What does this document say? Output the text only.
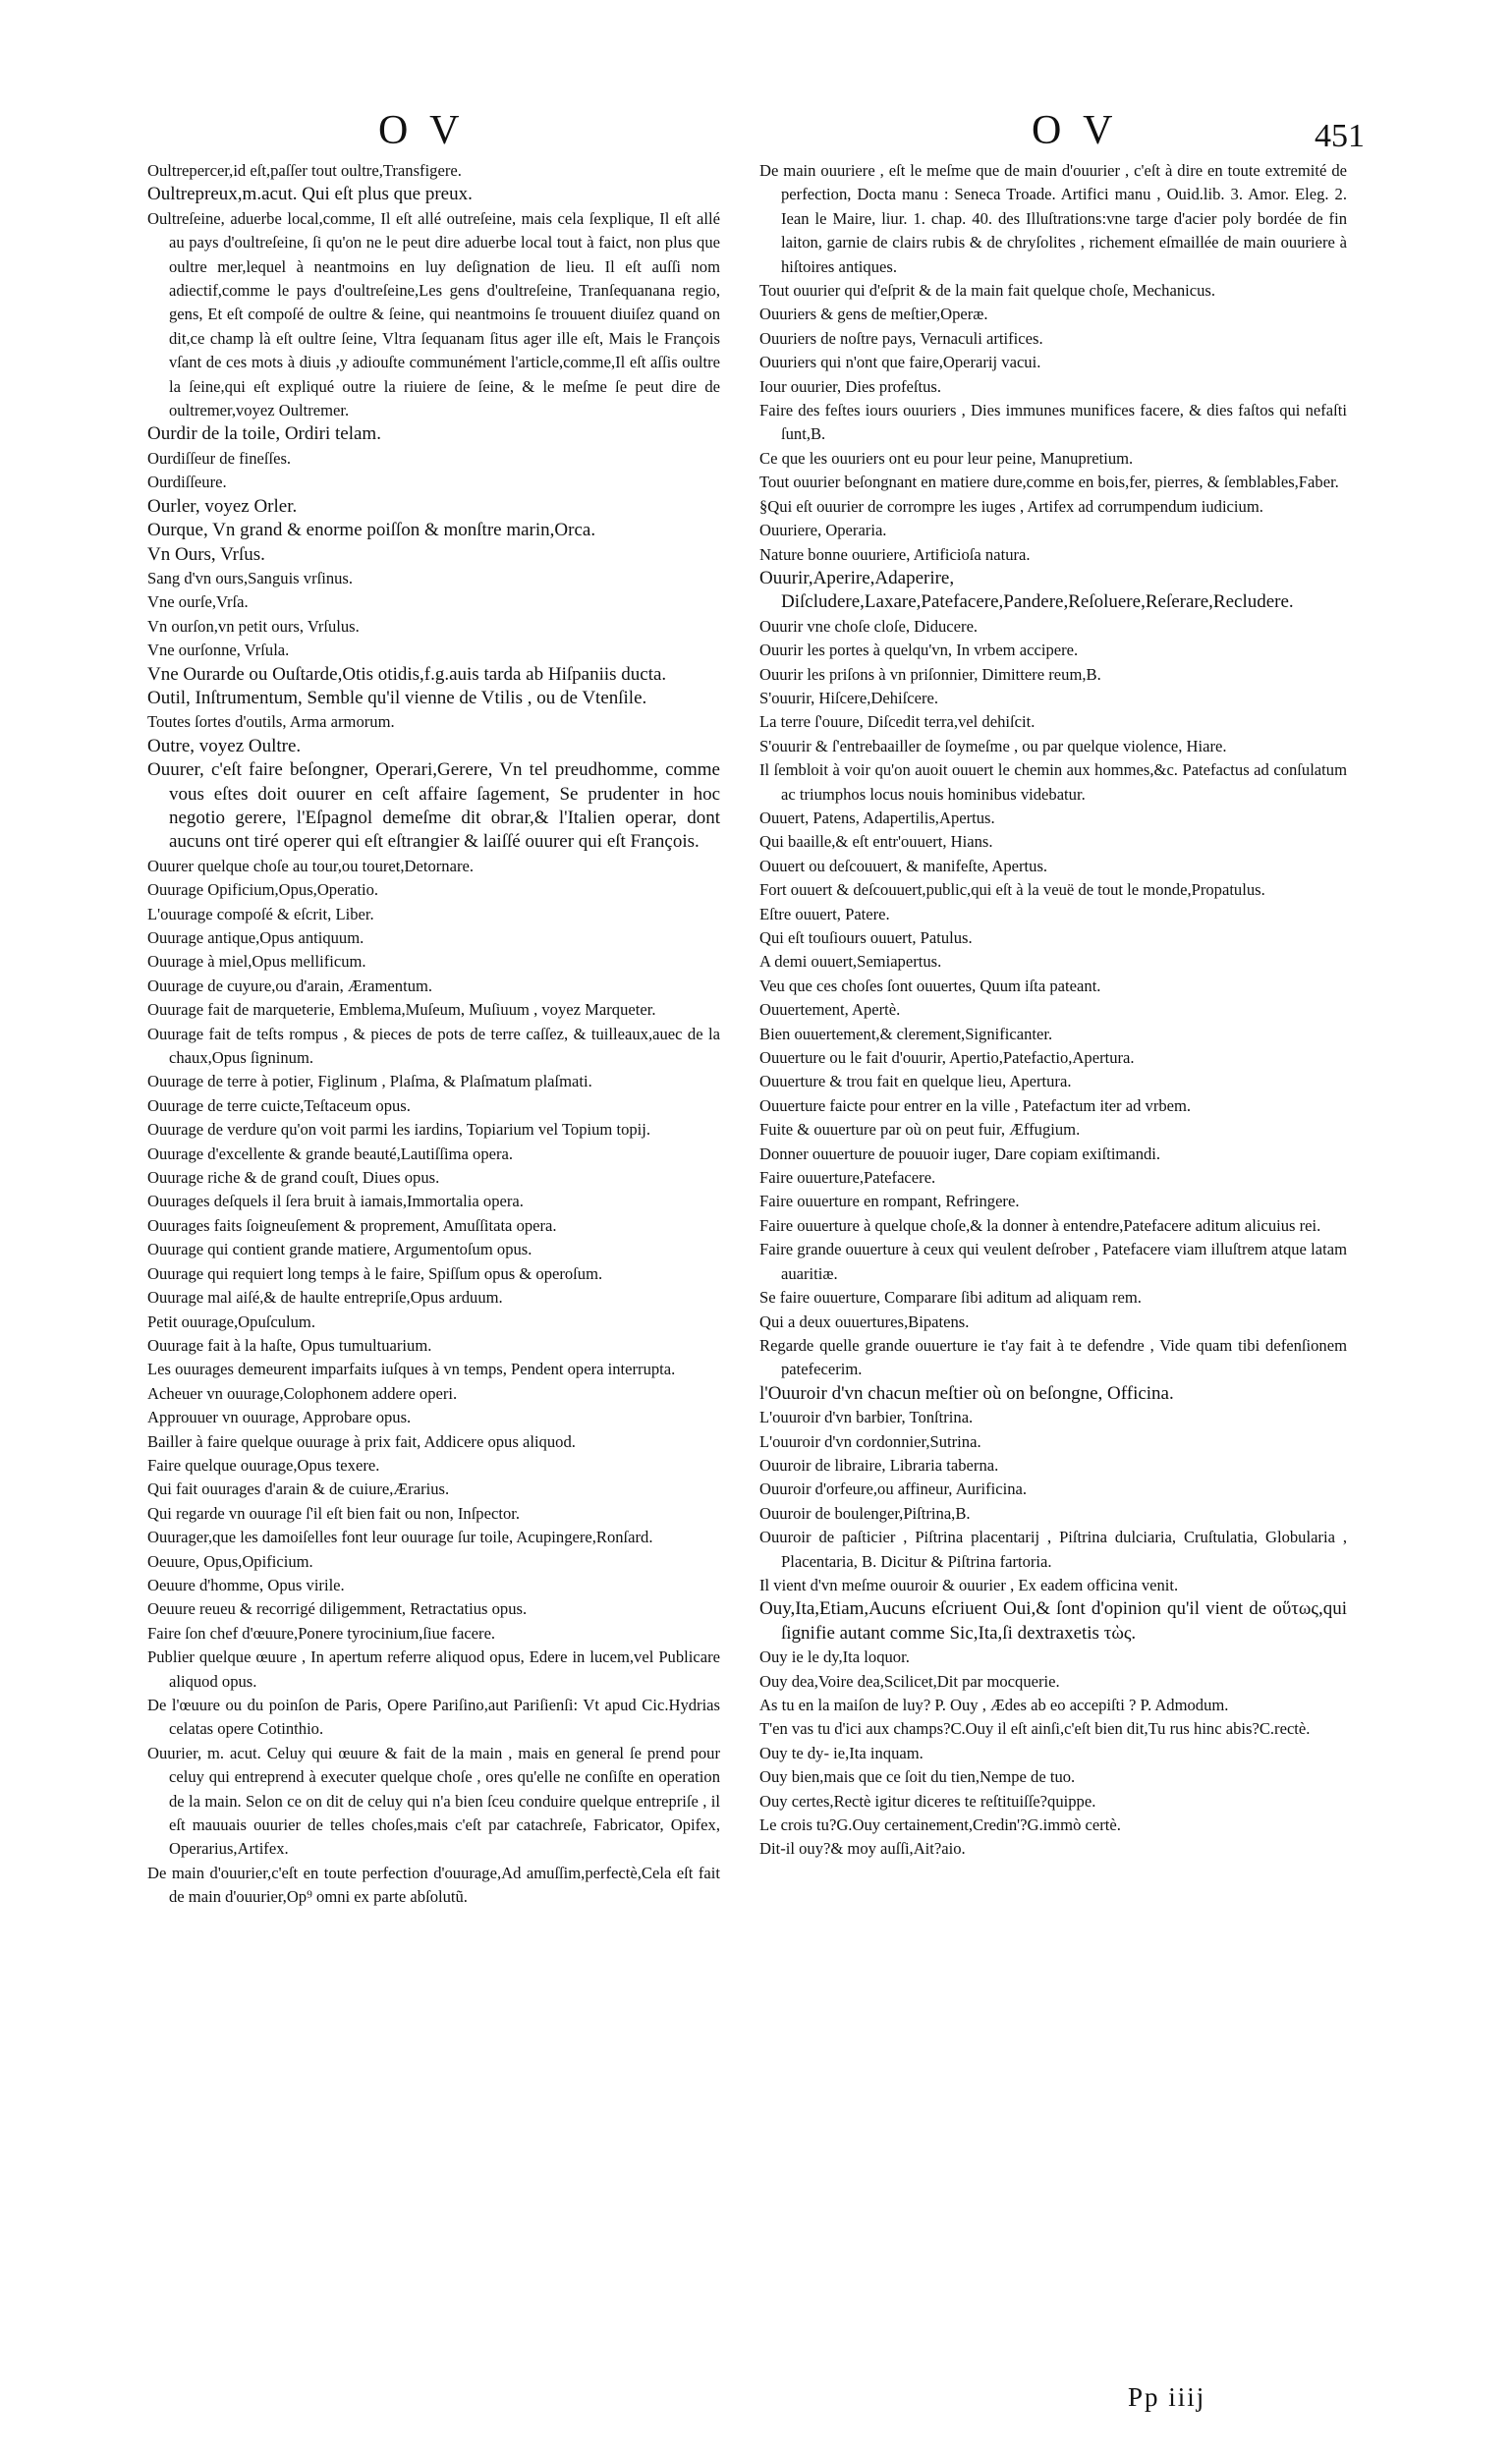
O V	O V	451

Oultrepercer,id eſt,paſſer tout oultre,Transfigere.

Oultrepreux,m.acut. Qui eſt plus que preux.

Oultreſeine, aduerbe local,comme, Il eſt allé outreſeine, mais cela ſexplique, Il eſt allé au pays d'oultreſeine, ſi qu'on ne le peut dire aduerbe local tout à faict, non plus que oultre mer,lequel à neantmoins en luy deſignation de lieu. Il eſt auſſi nom adiectif,comme le pays d'oultreſeine,Les gens d'oultreſeine, Tranſequanana regio, gens, Et eſt compoſé de oultre & ſeine, qui neantmoins ſe trouuent diuiſez quand on dit,ce champ là eſt oultre ſeine, Vltra ſequanam ſitus ager ille eſt, Mais le François vſant de ces mots à diuis ,y adiouſte communément l'article,comme,Il eſt aſſis oultre la ſeine,qui eſt expliqué outre la riuiere de ſeine, & le meſme ſe peut dire de oultremer,voyez Oultremer.

Ourdir de la toile, Ordiri telam.

Ourdiſſeur de fineſſes.

Ourdiſſeure.

Ourler, voyez Orler.

Ourque, Vn grand & enorme poiſſon & monſtre marin,Orca.

Vn Ours, Vrſus.

Sang d'vn ours,Sanguis vrſinus.

Vne ourſe,Vrſa.

Vn ourſon,vn petit ours, Vrſulus.

Vne ourſonne, Vrſula.

Vne Ourarde ou Ouſtarde,Otis otidis,f.g.auis tarda ab Hiſpaniis ducta.

Outil, Inſtrumentum, Semble qu'il vienne de Vtilis , ou de Vtenſile.

Toutes ſortes d'outils, Arma armorum.

Outre, voyez Oultre.

Ouurer, c'eſt faire beſongner, Operari,Gerere, Vn tel preudhomme, comme vous eſtes doit ouurer en ceſt affaire ſagement, Se prudenter in hoc negotio gerere, l'Eſpagnol demeſme dit obrar,& l'Italien operar, dont aucuns ont tiré operer qui eſt eſtrangier & laiſſé ouurer qui eſt François.

Ouurer quelque choſe au tour,ou touret,Detornare.

Ouurage Opificium,Opus,Operatio.

L'ouurage compoſé & eſcrit, Liber.

Ouurage antique,Opus antiquum.

Ouurage à miel,Opus mellificum.

Ouurage de cuyure,ou d'arain, Æramentum.

Ouurage fait de marqueterie, Emblema,Muſeum, Muſiuum , voyez Marqueter.

Ouurage fait de teſts rompus , & pieces de pots de terre caſſez, & tuilleaux,auec de la chaux,Opus ſigninum.

Ouurage de terre à potier, Figlinum , Plaſma, & Plaſmatum plaſmati.

Ouurage de terre cuicte,Teſtaceum opus.

Ouurage de verdure qu'on voit parmi les iardins, Topiarium vel Topium topij.

Ouurage d'excellente & grande beauté,Lautiſſima opera.

Ouurage riche & de grand couſt, Diues opus.

Ouurages deſquels il ſera bruit à iamais,Immortalia opera.

Ouurages faits ſoigneuſement & proprement, Amuſſitata opera.

Ouurage qui contient grande matiere, Argumentoſum opus.

Ouurage qui requiert long temps à le faire, Spiſſum opus & operoſum.

Ouurage mal aiſé,& de haulte entrepriſe,Opus arduum.

Petit ouurage,Opuſculum.

Ouurage fait à la haſte, Opus tumultuarium.

Les ouurages demeurent imparfaits iuſques à vn temps, Pendent opera interrupta.

Acheuer vn ouurage,Colophonem addere operi.

Approuuer vn ouurage, Approbare opus.

Bailler à faire quelque ouurage à prix fait, Addicere opus aliquod.

Faire quelque ouurage,Opus texere.

Qui fait ouurages d'arain & de cuiure,Ærarius.

Qui regarde vn ouurage ſ'il eſt bien fait ou non, Inſpector.

Ouurager,que les damoiſelles font leur ouurage ſur toile, Acupingere,Ronſard.

Oeuure, Opus,Opificium.

Oeuure d'homme, Opus virile.

Oeuure reueu & recorrigé diligemment, Retractatius opus.

Faire ſon chef d'œuure,Ponere tyrocinium,ſiue facere.

Publier quelque œuure , In apertum referre aliquod opus, Edere in lucem,vel Publicare aliquod opus.

De l'œuure ou du poinſon de Paris, Opere Pariſino,aut Pariſienſi: Vt apud Cic.Hydrias celatas opere Cotinthio.

Ouurier, m. acut. Celuy qui œuure & fait de la main , mais en general ſe prend pour celuy qui entreprend à executer quelque choſe , ores qu'elle ne conſiſte en operation de la main. Selon ce on dit de celuy qui n'a bien ſceu conduire quelque entrepriſe , il eſt mauuais ouurier de telles choſes,mais c'eſt par catachreſe, Fabricator, Opifex, Operarius,Artifex.

De main d'ouurier,c'eſt en toute perfection d'ouurage,Ad amuſſim,perfectè,Cela eſt fait de main d'ouurier,Op⁹ omni ex parte abſolutũ.

De main ouuriere , eſt le meſme que de main d'ouurier , c'eſt à dire en toute extremité de perfection, Docta manu : Seneca Troade. Artifici manu , Ouid.lib. 3. Amor. Eleg. 2. Iean le Maire, liur. 1. chap. 40. des Illuſtrations:vne targe d'acier poly bordée de fin laiton, garnie de clairs rubis & de chryſolites , richement eſmaillée de main ouuriere à hiſtoires antiques.

Tout ouurier qui d'eſprit & de la main fait quelque choſe, Mechanicus.

Ouuriers & gens de meſtier,Operæ.

Ouuriers de noſtre pays, Vernaculi artifices.

Ouuriers qui n'ont que faire,Operarij vacui.

Iour ouurier, Dies profeſtus.

Faire des feſtes iours ouuriers , Dies immunes munifices facere, & dies faſtos qui nefaſti ſunt,B.

Ce que les ouuriers ont eu pour leur peine, Manupretium.

Tout ouurier beſongnant en matiere dure,comme en bois,fer, pierres, & ſemblables,Faber.

§Qui eſt ouurier de corrompre les iuges , Artifex ad corrumpendum iudicium.

Ouuriere, Operaria.

Nature bonne ouuriere, Artificioſa natura.

Ouurir,Aperire,Adaperire, Diſcludere,Laxare,Patefacere,Pandere,Reſoluere,Reſerare,Recludere.

Ouurir vne choſe cloſe, Diducere.

Ouurir les portes à quelqu'vn, In vrbem accipere.

Ouurir les priſons à vn priſonnier, Dimittere reum,B.

S'ouurir, Hiſcere,Dehiſcere.

La terre ſ'ouure, Diſcedit terra,vel dehiſcit.

S'ouurir & ſ'entrebaailler de ſoymeſme , ou par quelque violence, Hiare.

Il ſembloit à voir qu'on auoit ouuert le chemin aux hommes,&c. Patefactus ad conſulatum ac triumphos locus nouis hominibus videbatur.

Ouuert, Patens, Adapertilis,Apertus.

Qui baaille,& eſt entr'ouuert, Hians.

Ouuert ou deſcouuert, & manifeſte, Apertus.

Fort ouuert & deſcouuert,public,qui eſt à la veuë de tout le monde,Propatulus.

Eſtre ouuert, Patere.

Qui eſt touſiours ouuert, Patulus.

A demi ouuert,Semiapertus.

Veu que ces choſes ſont ouuertes, Quum iſta pateant.

Ouuertement, Apertè.

Bien ouuertement,& clerement,Significanter.

Ouuerture ou le fait d'ouurir, Apertio,Patefactio,Apertura.

Ouuerture & trou fait en quelque lieu, Apertura.

Ouuerture faicte pour entrer en la ville , Patefactum iter ad vrbem.

Fuite & ouuerture par où on peut fuir, Æffugium.

Donner ouuerture de pouuoir iuger, Dare copiam exiſtimandi.

Faire ouuerture,Patefacere.

Faire ouuerture en rompant, Refringere.

Faire ouuerture à quelque choſe,& la donner à entendre,Patefacere aditum alicuius rei.

Faire grande ouuerture à ceux qui veulent deſrober , Patefacere viam illuſtrem atque latam auaritiæ.

Se faire ouuerture, Comparare ſibi aditum ad aliquam rem.

Qui a deux ouuertures,Bipatens.

Regarde quelle grande ouuerture ie t'ay fait à te defendre , Vide quam tibi defenſionem patefecerim.

l'Ouuroir d'vn chacun meſtier où on beſongne, Officina.

L'ouuroir d'vn barbier, Tonſtrina.

L'ouuroir d'vn cordonnier,Sutrina.

Ouuroir de libraire, Libraria taberna.

Ouuroir d'orfeure,ou affineur, Aurificina.

Ouuroir de boulenger,Piſtrina,B.

Ouuroir de paſticier , Piſtrina placentarij , Piſtrina dulciaria, Cruſtulatia, Globularia , Placentaria, B. Dicitur & Piſtrina fartoria.

Il vient d'vn meſme ouuroir & ouurier , Ex eadem officina venit.

Ouy,Ita,Etiam,Aucuns eſcriuent Oui,& ſont d'opinion qu'il vient de οὕτως,qui ſignifie autant comme Sic,Ita,ſi dextraxetis τὼς.

Ouy ie le dy,Ita loquor.

Ouy dea,Voire dea,Scilicet,Dit par mocquerie.

As tu en la maiſon de luy? P. Ouy , Ædes ab eo accepiſti ? P. Admodum.

T'en vas tu d'ici aux champs?C.Ouy il eſt ainſi,c'eſt bien dit,Tu rus hinc abis?C.rectè.

Ouy te dy- ie,Ita inquam.

Ouy bien,mais que ce ſoit du tien,Nempe de tuo.

Ouy certes,Rectè igitur diceres te reſtituiſſe?quippe.

Le crois tu?G.Ouy certainement,Credin'?G.immò certè.

Dit-il ouy?& moy auſſi,Ait?aio.

Pp iiij
